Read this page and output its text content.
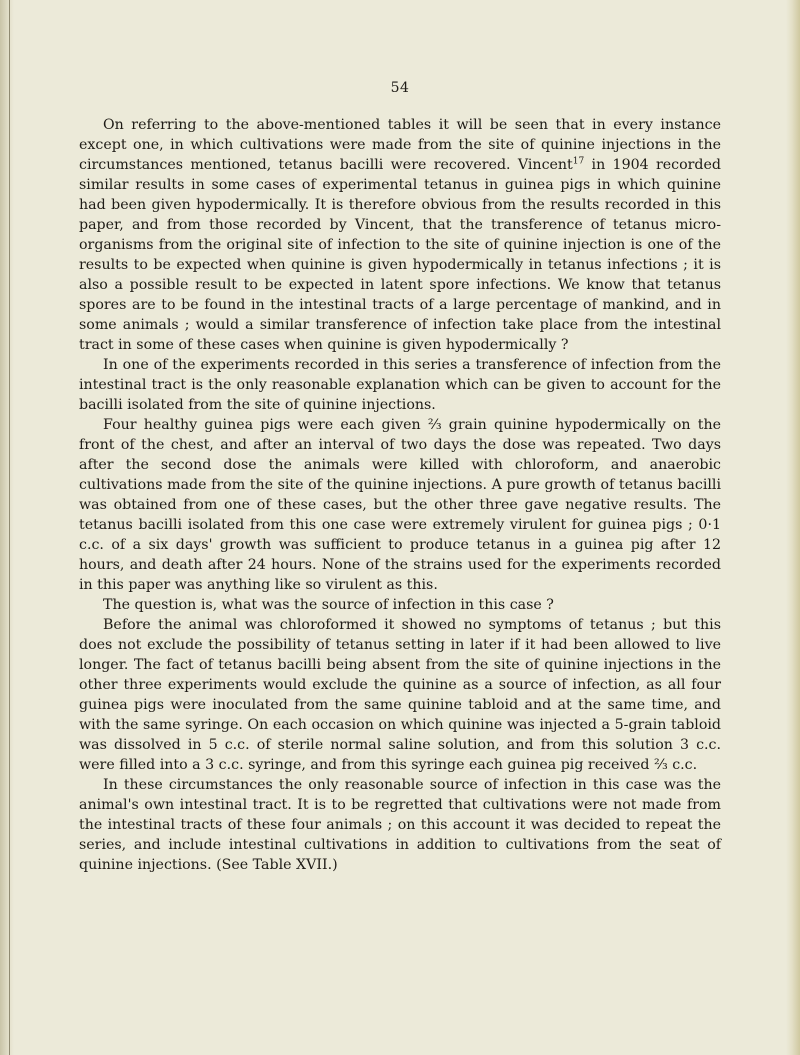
54

On referring to the above-mentioned tables it will be seen that in every instance except one, in which cultivations were made from the site of quinine injections in the circumstances mentioned, tetanus bacilli were recovered. Vincent$^{17}$ in 1904 recorded similar results in some cases of experimental tetanus in guinea pigs in which quinine had been given hypodermically. It is therefore obvious from the results recorded in this paper, and from those recorded by Vincent, that the transference of tetanus micro-organisms from the original site of infection to the site of quinine injection is one of the results to be expected when quinine is given hypodermically in tetanus infections ; it is also a possible result to be expected in latent spore infections. We know that tetanus spores are to be found in the intestinal tracts of a large percentage of mankind, and in some animals ; would a similar transference of infection take place from the intestinal tract in some of these cases when quinine is given hypodermically ?

In one of the experiments recorded in this series a transference of infection from the intestinal tract is the only reasonable explanation which can be given to account for the bacilli isolated from the site of quinine injections.

Four healthy guinea pigs were each given ⅔ grain quinine hypodermically on the front of the chest, and after an interval of two days the dose was repeated. Two days after the second dose the animals were killed with chloroform, and anaerobic cultivations made from the site of the quinine injections. A pure growth of tetanus bacilli was obtained from one of these cases, but the other three gave negative results. The tetanus bacilli isolated from this one case were extremely virulent for guinea pigs ; 0·1 c.c. of a six days' growth was sufficient to produce tetanus in a guinea pig after 12 hours, and death after 24 hours. None of the strains used for the experiments recorded in this paper was anything like so virulent as this.

The question is, what was the source of infection in this case ?

Before the animal was chloroformed it showed no symptoms of tetanus ; but this does not exclude the possibility of tetanus setting in later if it had been allowed to live longer. The fact of tetanus bacilli being absent from the site of quinine injections in the other three experiments would exclude the quinine as a source of infection, as all four guinea pigs were inoculated from the same quinine tabloid and at the same time, and with the same syringe. On each occasion on which quinine was injected a 5-grain tabloid was dissolved in 5 c.c. of sterile normal saline solution, and from this solution 3 c.c. were filled into a 3 c.c. syringe, and from this syringe each guinea pig received ⅔ c.c.

In these circumstances the only reasonable source of infection in this case was the animal's own intestinal tract. It is to be regretted that cultivations were not made from the intestinal tracts of these four animals ; on this account it was decided to repeat the series, and include intestinal cultivations in addition to cultivations from the seat of quinine injections. (See Table XVII.)
